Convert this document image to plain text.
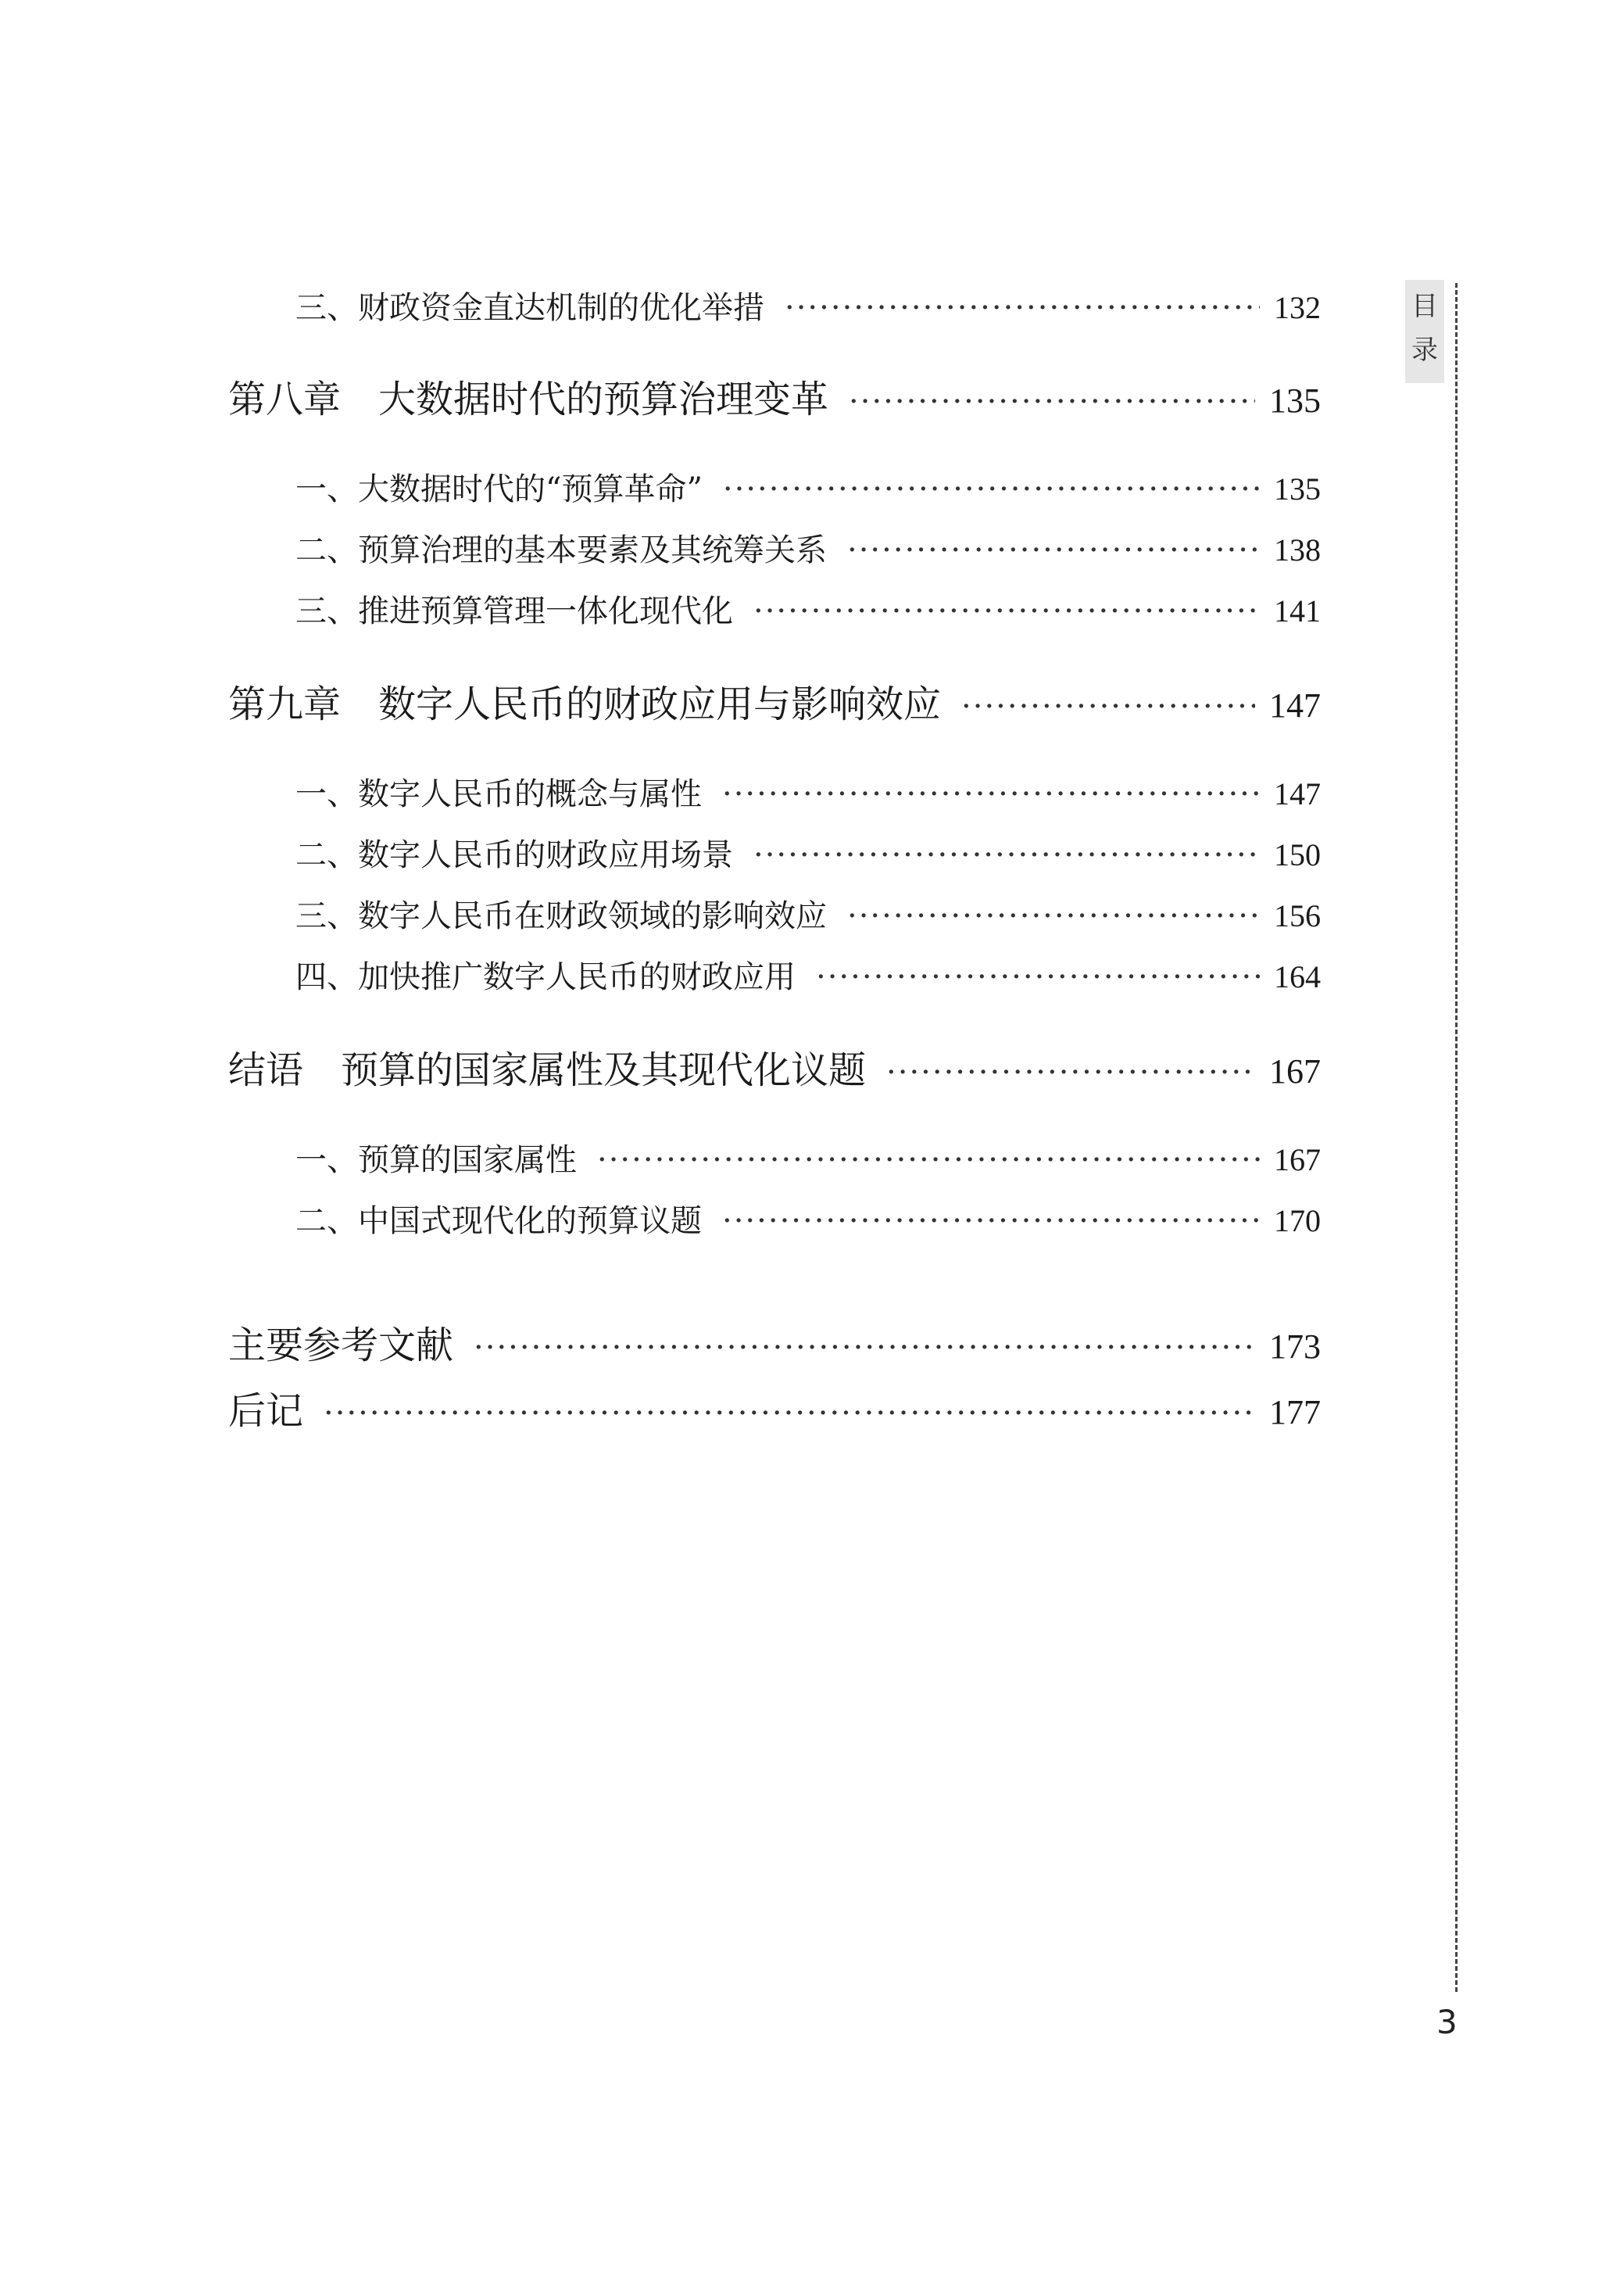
三、财政资金直达机制的优化举措 ·····	132
第八章　大数据时代的预算治理变革 ·····	135
一、大数据时代的“预算革命” ·····	135
二、预算治理的基本要素及其统筹关系 ·····	138
三、推进预算管理一体化现代化 ·····	141
第九章　数字人民币的财政应用与影响效应 ·····	147
一、数字人民币的概念与属性 ·····	147
二、数字人民币的财政应用场景 ·····	150
三、数字人民币在财政领域的影响效应 ·····	156
四、加快推广数字人民币的财政应用 ·····	164
结语　预算的国家属性及其现代化议题 ·····	167
一、预算的国家属性 ·····	167
二、中国式现代化的预算议题 ·····	170
主要参考文献 ·····	173
后记 ·····	177
目
录
3
